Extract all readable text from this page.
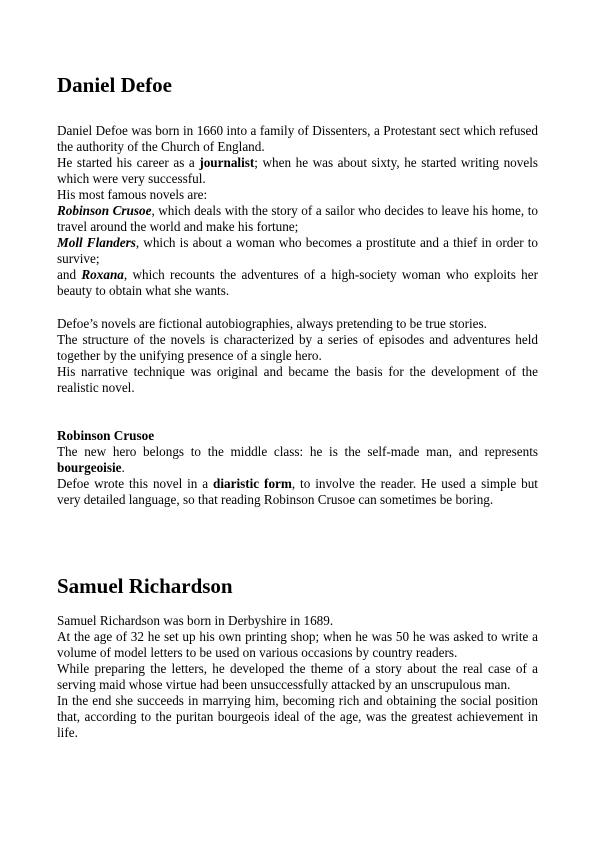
Daniel Defoe

Daniel Defoe was born in 1660 into a family of Dissenters, a Protestant sect which refused the authority of the Church of England.

He started his career as a journalist; when he was about sixty, he started writing novels which were very successful.

His most famous novels are:

Robinson Crusoe, which deals with the story of a sailor who decides to leave his home, to travel around the world and make his fortune;

Moll Flanders, which is about a woman who becomes a prostitute and a thief in order to survive;

and Roxana, which recounts the adventures of a high-society woman who exploits her beauty to obtain what she wants.

Defoe’s novels are fictional autobiographies, always pretending to be true stories.

The structure of the novels is characterized by a series of episodes and adventures held together by the unifying presence of a single hero.

His narrative technique was original and became the basis for the development of the realistic novel.

Robinson Crusoe

The new hero belongs to the middle class: he is the self-made man, and represents bourgeoisie.

Defoe wrote this novel in a diaristic form, to involve the reader. He used a simple but very detailed language, so that reading Robinson Crusoe can sometimes be boring.

Samuel Richardson

Samuel Richardson was born in Derbyshire in 1689.

At the age of 32 he set up his own printing shop; when he was 50 he was asked to write a volume of model letters to be used on various occasions by country readers.

While preparing the letters, he developed the theme of a story about the real case of a serving maid whose virtue had been unsuccessfully attacked by an unscrupulous man.

In the end she succeeds in marrying him, becoming rich and obtaining the social position that, according to the puritan bourgeois ideal of the age, was the greatest achievement in life.
